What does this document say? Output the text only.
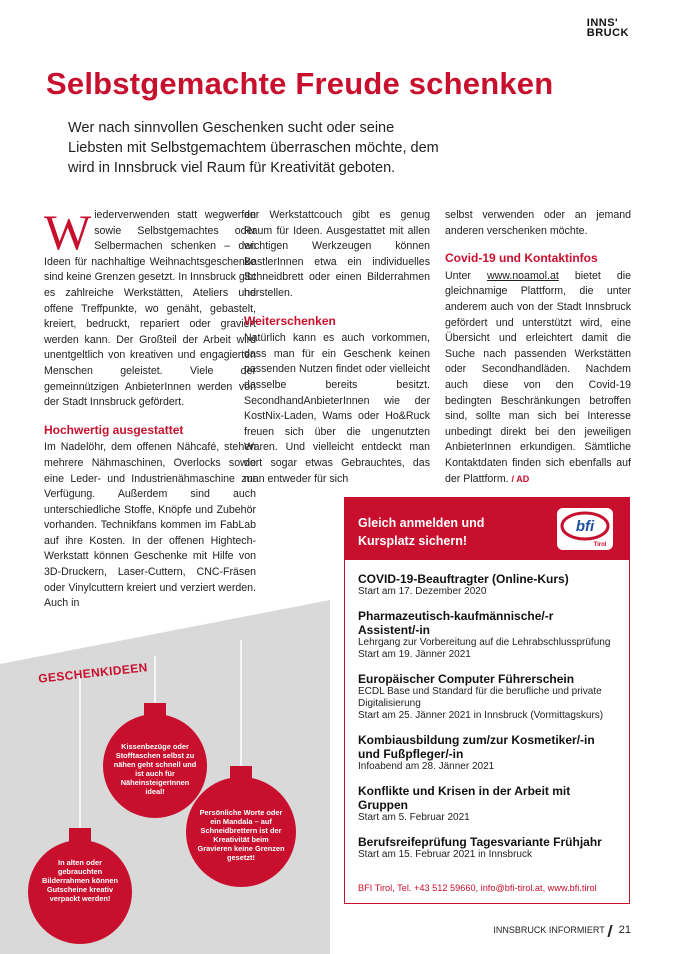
INNS'
BRUCK
Selbstgemachte Freude schenken

Wer nach sinnvollen Geschenken sucht oder seine Liebsten mit Selbstgemachtem überraschen möchte, dem wird in Innsbruck viel Raum für Kreativität geboten.

Wiederverwenden statt wegwerfen sowie Selbstgemachtes oder Selbermachen schenken – den Ideen für nachhaltige Weihnachtsgeschenke sind keine Grenzen gesetzt. In Innsbruck gibt es zahlreiche Werkstätten, Ateliers und offene Treffpunkte, wo genäht, gebastelt, kreiert, bedruckt, repariert oder graviert werden kann. Der Großteil der Arbeit wird unentgeltlich von kreativen und engagierten Menschen geleistet. Viele der gemeinnützigen AnbieterInnen werden von der Stadt Innsbruck gefördert.

Hochwertig ausgestattet

Im Nadelöhr, dem offenen Nähcafé, stehen mehrere Nähmaschinen, Overlocks sowie eine Leder- und Industrienähmaschine zur Verfügung. Außerdem sind auch unterschiedliche Stoffe, Knöpfe und Zubehör vorhanden. Technikfans kommen im FabLab auf ihre Kosten. In der offenen Hightech-Werkstatt können Geschenke mit Hilfe von 3D-Druckern, Laser-Cuttern, CNC-Fräsen oder Vinylcuttern kreiert und verziert werden. Auch in

der Werkstattcouch gibt es genug Raum für Ideen. Ausgestattet mit allen wichtigen Werkzeugen können BastlerInnen etwa ein individuelles Schneidbrett oder einen Bilderrahmen herstellen.

Weiterschenken

Natürlich kann es auch vorkommen, dass man für ein Geschenk keinen passenden Nutzen findet oder vielleicht dasselbe bereits besitzt. SecondhandAnbieterInnen wie der KostNix-Laden, Wams oder Ho&Ruck freuen sich über die ungenutzten Waren. Und vielleicht entdeckt man dort sogar etwas Gebrauchtes, das man entweder für sich

selbst verwenden oder an jemand anderen verschenken möchte.

Covid-19 und Kontaktinfos

Unter www.noamol.at bietet die gleichnamige Plattform, die unter anderem auch von der Stadt Innsbruck gefördert und unterstützt wird, eine Übersicht und erleichtert damit die Suche nach passenden Werkstätten oder Secondhandläden. Nachdem auch diese von den Covid-19 bedingten Beschränkungen betroffen sind, sollte man sich bei Interesse unbedingt direkt bei den jeweiligen AnbieterInnen erkundigen. Sämtliche Kontaktdaten finden sich ebenfalls auf der Plattform. / AD

GESCHENKIDEEN
Kissenbezüge oder Stofftaschen selbst zu nähen geht schnell und ist auch für NäheinsteigerInnen ideal!
Persönliche Worte oder ein Mandala – auf Schneidbrettern ist der Kreativität beim Gravieren keine Grenzen gesetzt!
In alten oder gebrauchten Bilderrahmen können Gutscheine kreativ verpackt werden!
Gleich anmelden und Kursplatz sichern!
bfi
Tirol
COVID-19-Beauftragter (Online-Kurs)
Start am 17. Dezember 2020
Pharmazeutisch-kaufmännische/-r Assistent/-in
Lehrgang zur Vorbereitung auf die Lehrabschlussprüfung
Start am 19. Jänner 2021
Europäischer Computer Führerschein
ECDL Base und Standard für die berufliche und private Digitalisierung
Start am 25. Jänner 2021 in Innsbruck (Vormittagskurs)
Kombiausbildung zum/zur Kosmetiker/-in und Fußpfleger/-in
Infoabend am 28. Jänner 2021
Konflikte und Krisen in der Arbeit mit Gruppen
Start am 5. Februar 2021
Berufsreifeprüfung Tagesvariante Frühjahr
Start am 15. Februar 2021 in Innsbruck
BFI Tirol, Tel. +43 512 59660, info@bfi-tirol.at, www.bfi.tirol
INNSBRUCK INFORMIERT 21
